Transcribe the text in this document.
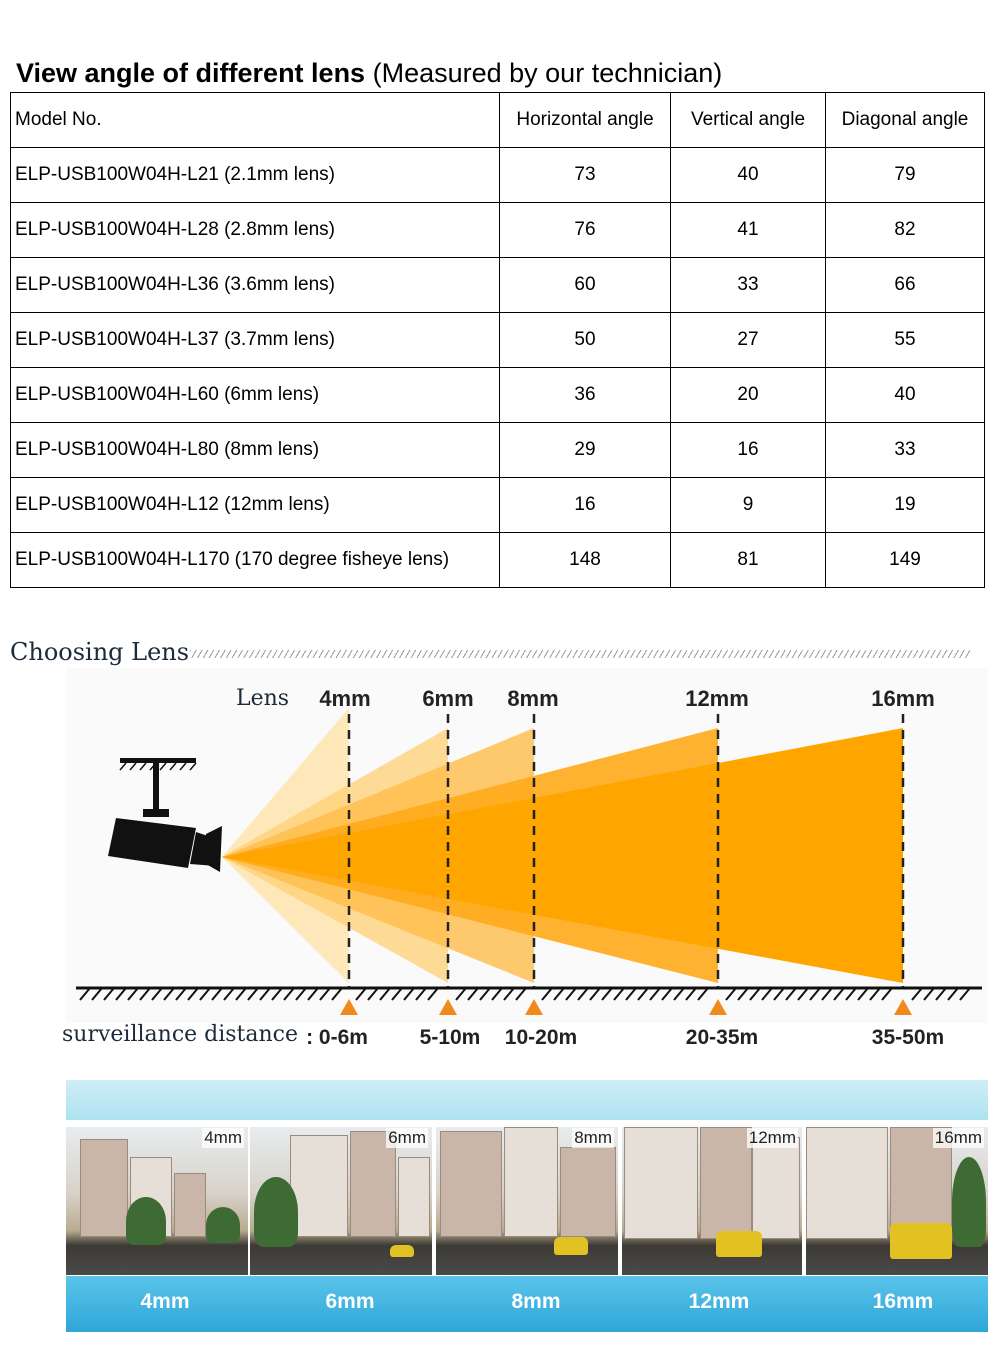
View angle of different lens (Measured by our technician)
Model No.	Horizontal angle	Vertical angle	Diagonal angle
ELP-USB100W04H-L21 (2.1mm lens)	73	40	79
ELP-USB100W04H-L28 (2.8mm lens)	76	41	82
ELP-USB100W04H-L36 (3.6mm lens)	60	33	66
ELP-USB100W04H-L37 (3.7mm lens)	50	27	55
ELP-USB100W04H-L60 (6mm lens)	36	20	40
ELP-USB100W04H-L80 (8mm lens)	29	16	33
ELP-USB100W04H-L12 (12mm lens)	16	9	19
ELP-USB100W04H-L170 (170 degree fisheye lens)	148	81	149
Choosing Lens
Lens 4mm 6mm 8mm	12mm	16mm
surveillance distance : 0-6m 5-10m 10-20m	20-35m	35-50m
4mm	6mm	8mm	12mm	16mm
4mm	6mm	8mm	12mm	16mm
